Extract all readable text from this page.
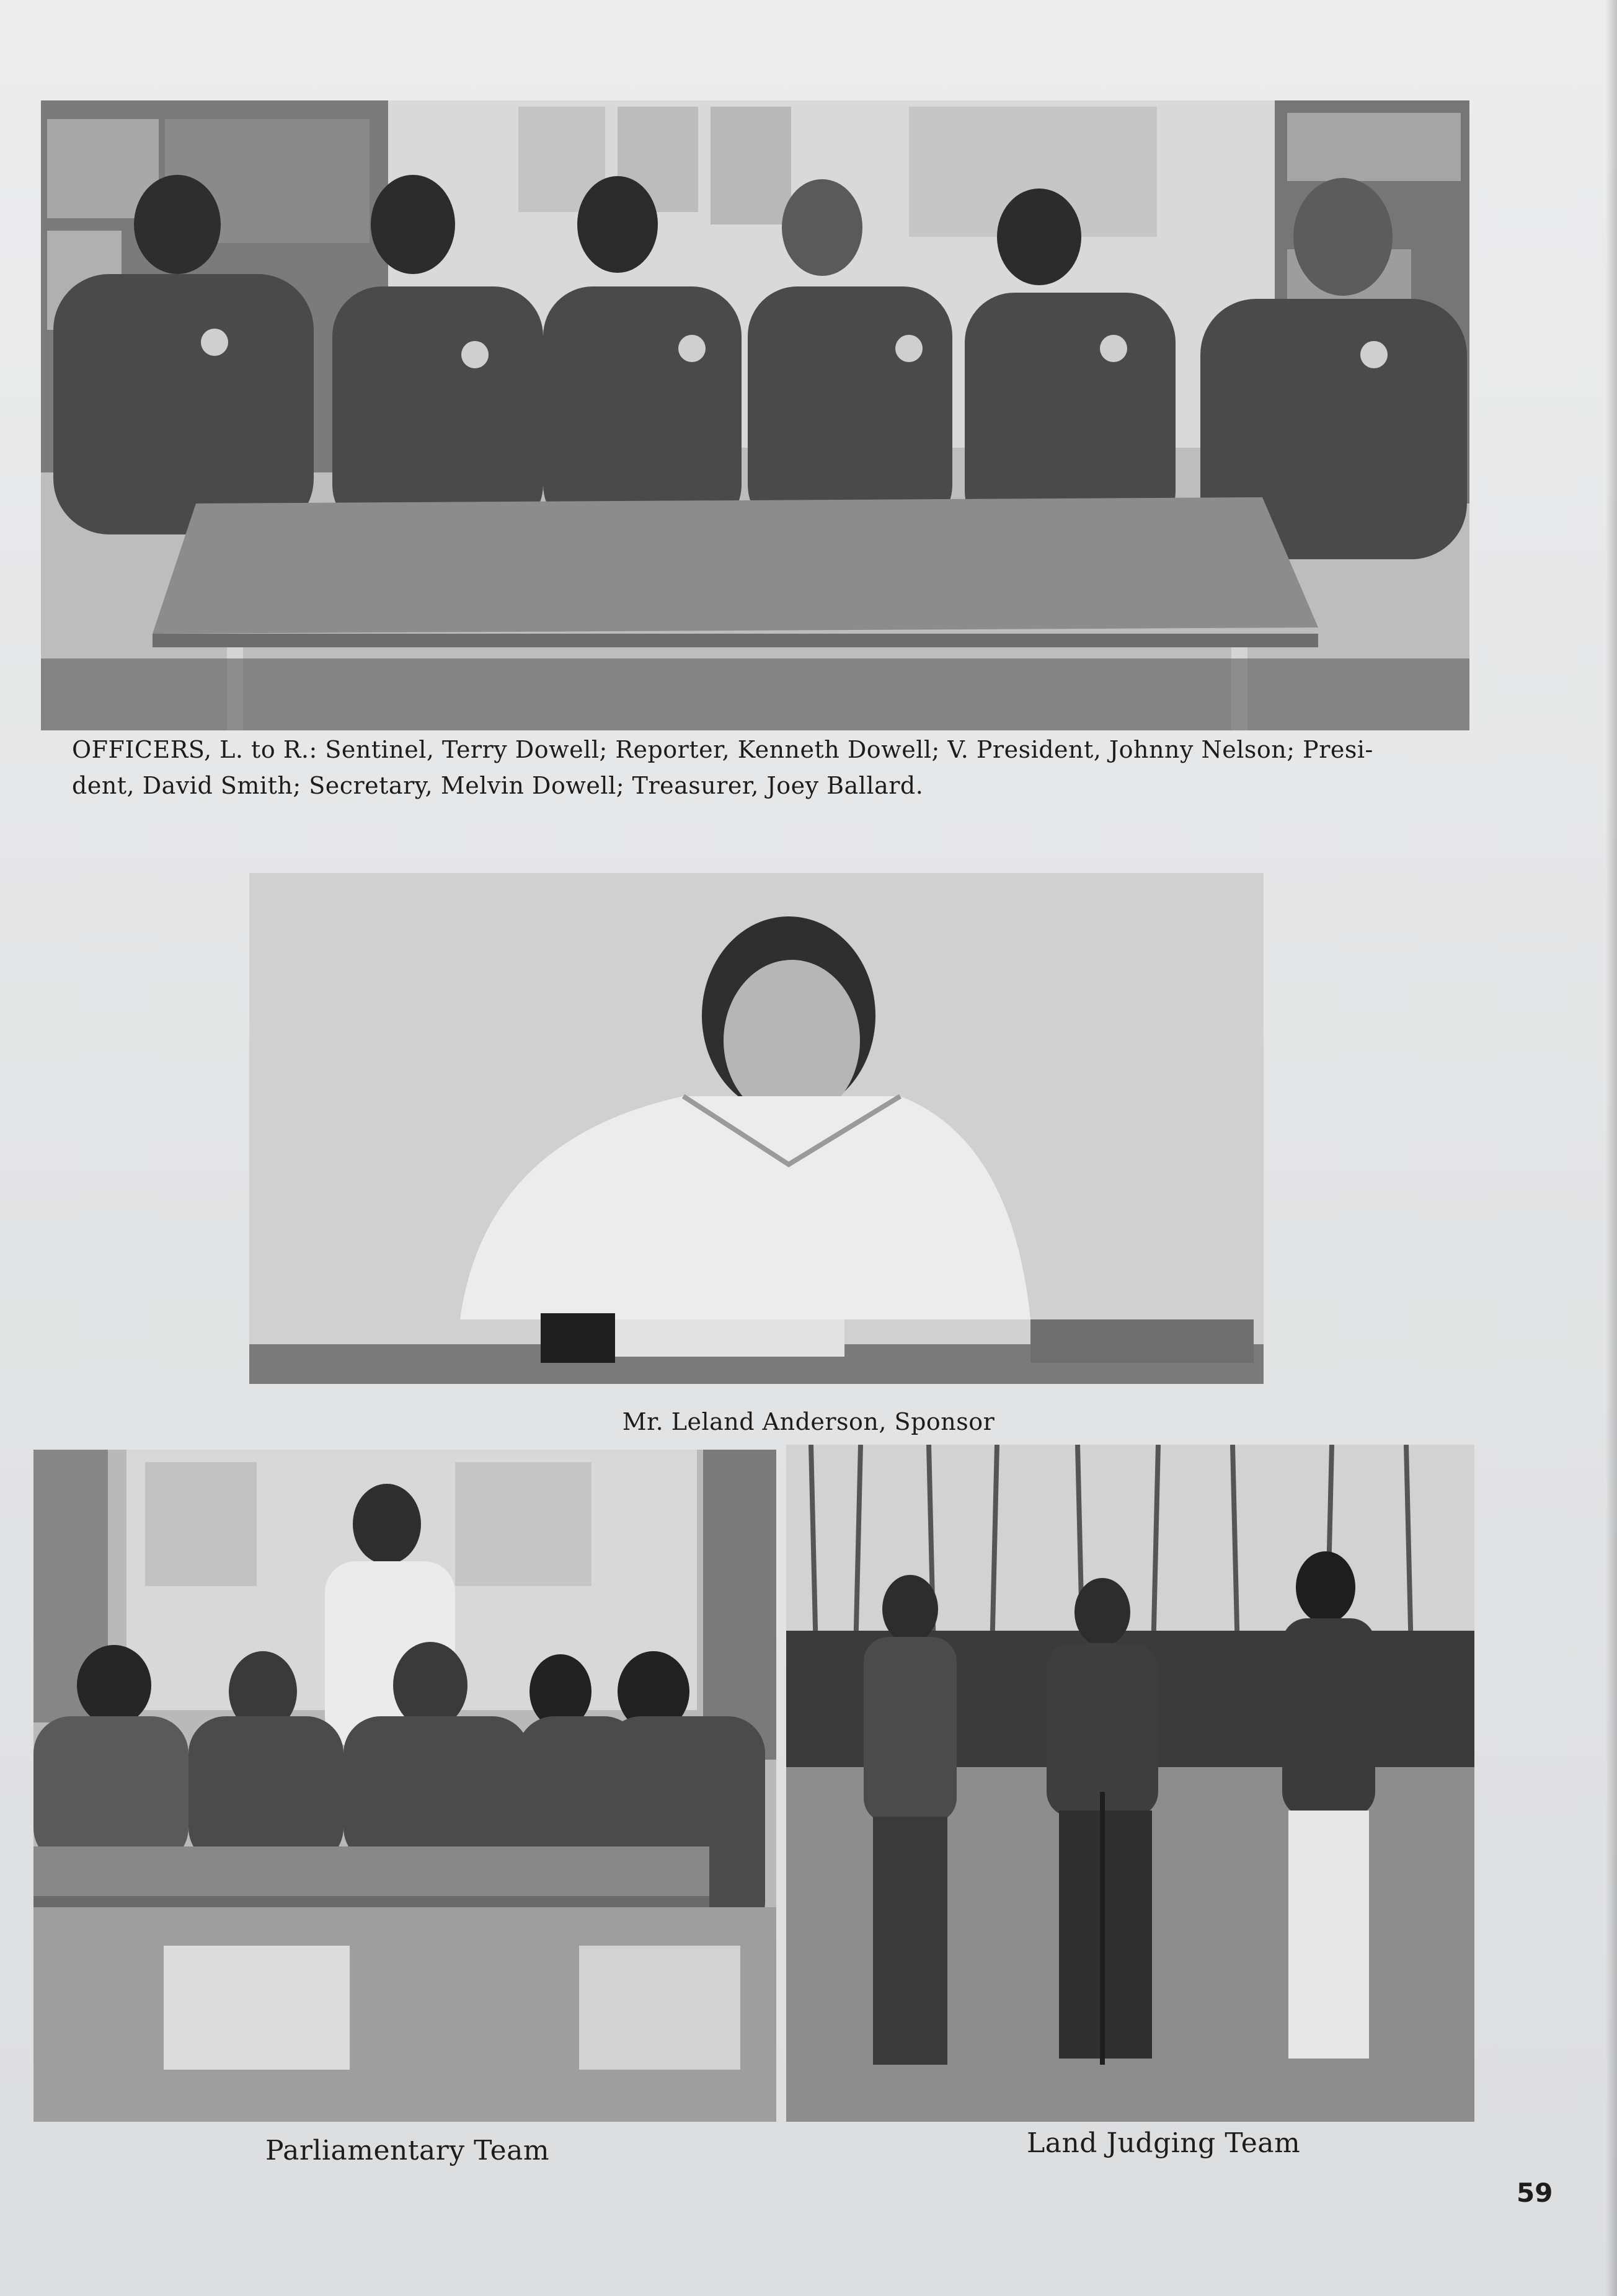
OFFICERS, L. to R.: Sentinel, Terry Dowell; Reporter, Kenneth Dowell; V. President, Johnny Nelson; Presi-
dent, David Smith; Secretary, Melvin Dowell; Treasurer, Joey Ballard.
Mr. Leland Anderson, Sponsor
Parliamentary Team	Land Judging Team
59
